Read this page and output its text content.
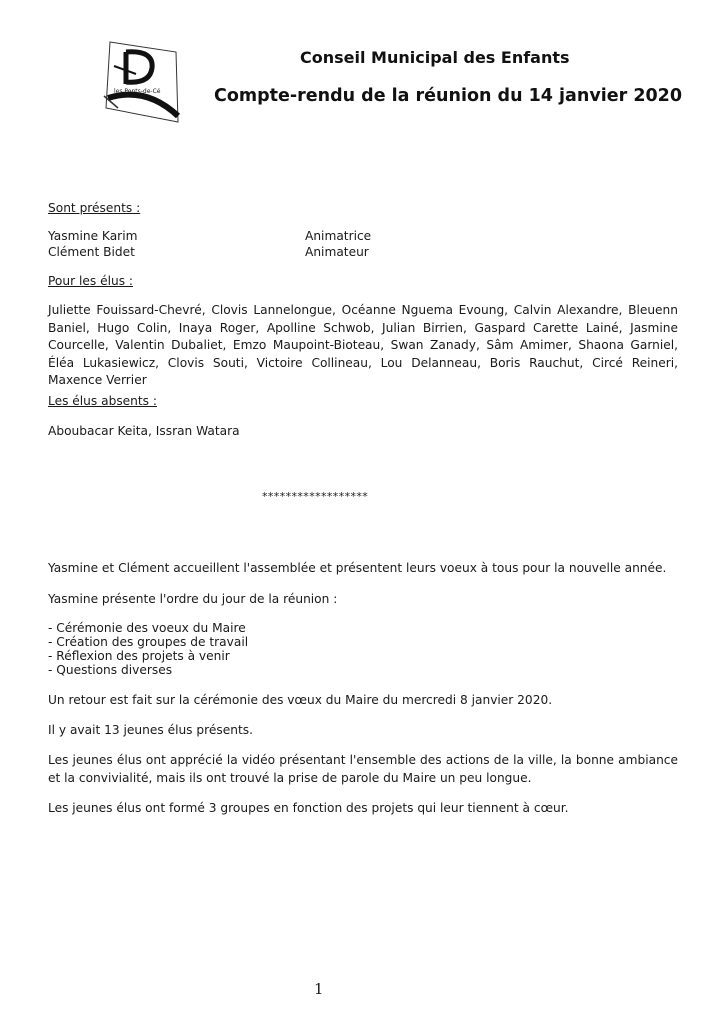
les Ponts-de-Cé
Conseil Municipal des Enfants
Compte-rendu de la réunion du 14 janvier 2020
Sont présents :
Yasmine Karim	Animatrice
Clément Bidet	Animateur
Pour les élus :
Juliette Fouissard-Chevré, Clovis Lannelongue, Océanne Nguema Evoung, Calvin Alexandre, Bleuenn Baniel, Hugo Colin, Inaya Roger, Apolline Schwob, Julian Birrien, Gaspard Carette Lainé, Jasmine Courcelle, Valentin Dubaliet, Emzo Maupoint-Bioteau, Swan Zanady, Sâm Amimer, Shaona Garniel, Éléa Lukasiewicz, Clovis Souti, Victoire Collineau, Lou Delanneau, Boris Rauchut, Circé Reineri, Maxence Verrier
Les élus absents :
Aboubacar Keita, Issran Watara
******************
Yasmine et Clément accueillent l'assemblée et présentent leurs voeux à tous pour la nouvelle année.
Yasmine présente l'ordre du jour de la réunion :
- Cérémonie des voeux du Maire
- Création des groupes de travail
- Réflexion des projets à venir
- Questions diverses
Un retour est fait sur la cérémonie des vœux du Maire du mercredi 8 janvier 2020.
Il y avait 13 jeunes élus présents.
Les jeunes élus ont apprécié la vidéo présentant l'ensemble des actions de la ville, la bonne ambiance et la convivialité, mais ils ont trouvé la prise de parole du Maire un peu longue.
Les jeunes élus ont formé 3 groupes en fonction des projets qui leur tiennent à cœur.
1
